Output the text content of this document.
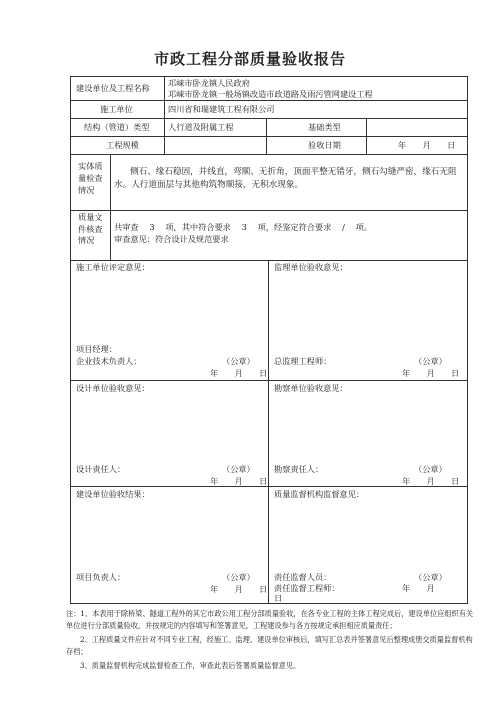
市政工程分部质量验收报告
建设单位及工程名称 邛崃市卧龙镇人民政府
邛崃市卧龙镇一般场镇改造市政道路及雨污管网建设工程
施工单位	四川省和瑞建筑工程有限公司
结构（管道）类型 人行道及附属工程	基础类型
工程规模	验收日期	年　　月　　日
实体质量检查情况
侧石、缘石稳固，并线直，弯顺、无折角，顶面平整无错牙，侧石勾缝严密，缘石无阻水。人行道面层与其他构筑物顺接，无积水现象。
质量文件核查情况
共审查　 3　 项，其中符合要求　 3　 项，经鉴定符合要求　 /　 项。
审查意见：符合设计及规范要求
施工单位评定意见：	监理单位验收意见：
项目经理：
企业技术负责人：	（公章）
年　　月　　日
总监理工程师：	（公章）
年　　月　　日
设计单位验收意见：	勘察单位验收意见：
设计责任人：	（公章）
年　　月　　日
勘察责任人：	（公章）
年　　月　　日
建设单位验收结果：	质量监督机构监督意见：
项目负责人：	（公章）
年　　月　　日
责任监督人员：
责任监督工程师：
（公章）
年　　月
日
注：1、本表用于除桥梁、隧道工程外的其它市政公用工程分部质量验收，在各专业工程的主体工程完成后，建设单位应组织有关单位进行分部质量验收，并按规定的内容填写和签署意见，工程建设参与各方按规定承担相应质量责任；
2、工程质量文件应针对不同专业工程，经施工、监理、建设单位审核后，填写汇总表并签署意见后整理成册交质量监督机构存档；
3、质量监督机构完成监督检查工作，审查此表后签署质量监督意见。
